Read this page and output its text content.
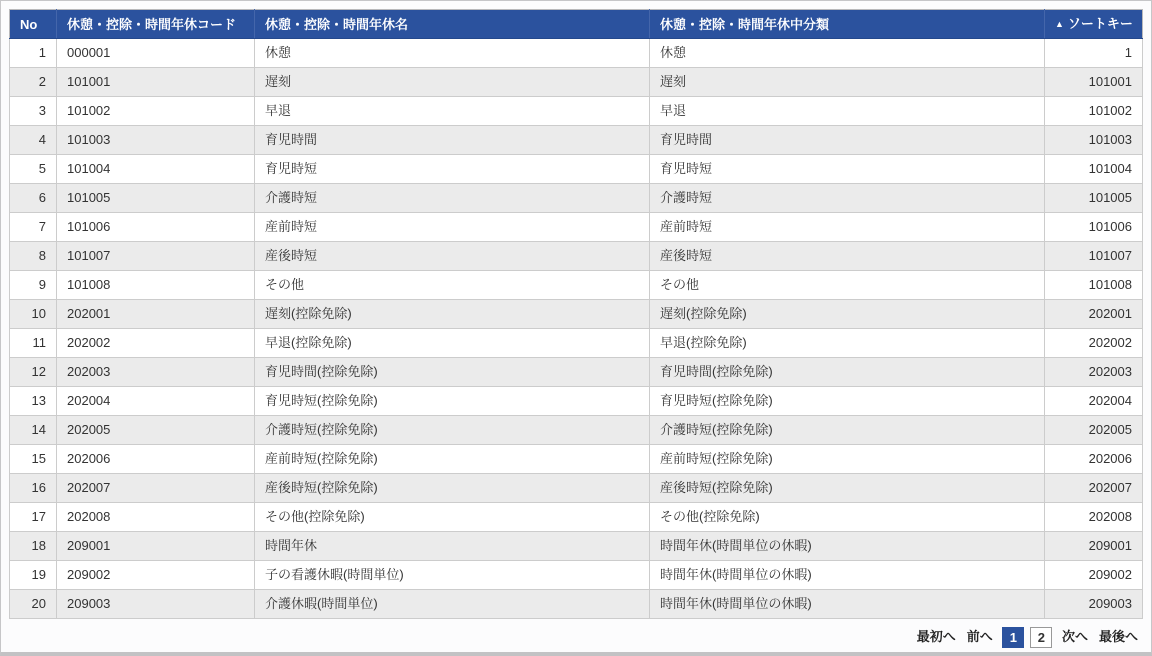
No	休憩・控除・時間年休コード	休憩・控除・時間年休名	休憩・控除・時間年休中分類	▲ ソートキー
1	000001	休憩	休憩	1
2	101001	遅刻	遅刻	101001
3	101002	早退	早退	101002
4	101003	育児時間	育児時間	101003
5	101004	育児時短	育児時短	101004
6	101005	介護時短	介護時短	101005
7	101006	産前時短	産前時短	101006
8	101007	産後時短	産後時短	101007
9	101008	その他	その他	101008
10	202001	遅刻(控除免除)	遅刻(控除免除)	202001
11	202002	早退(控除免除)	早退(控除免除)	202002
12	202003	育児時間(控除免除)	育児時間(控除免除)	202003
13	202004	育児時短(控除免除)	育児時短(控除免除)	202004
14	202005	介護時短(控除免除)	介護時短(控除免除)	202005
15	202006	産前時短(控除免除)	産前時短(控除免除)	202006
16	202007	産後時短(控除免除)	産後時短(控除免除)	202007
17	202008	その他(控除免除)	その他(控除免除)	202008
18	209001	時間年休	時間年休(時間単位の休暇)	209001
19	209002	子の看護休暇(時間単位)	時間年休(時間単位の休暇)	209002
20	209003	介護休暇(時間単位)	時間年休(時間単位の休暇)	209003
最初へ 前へ 1 2 次へ 最後へ
